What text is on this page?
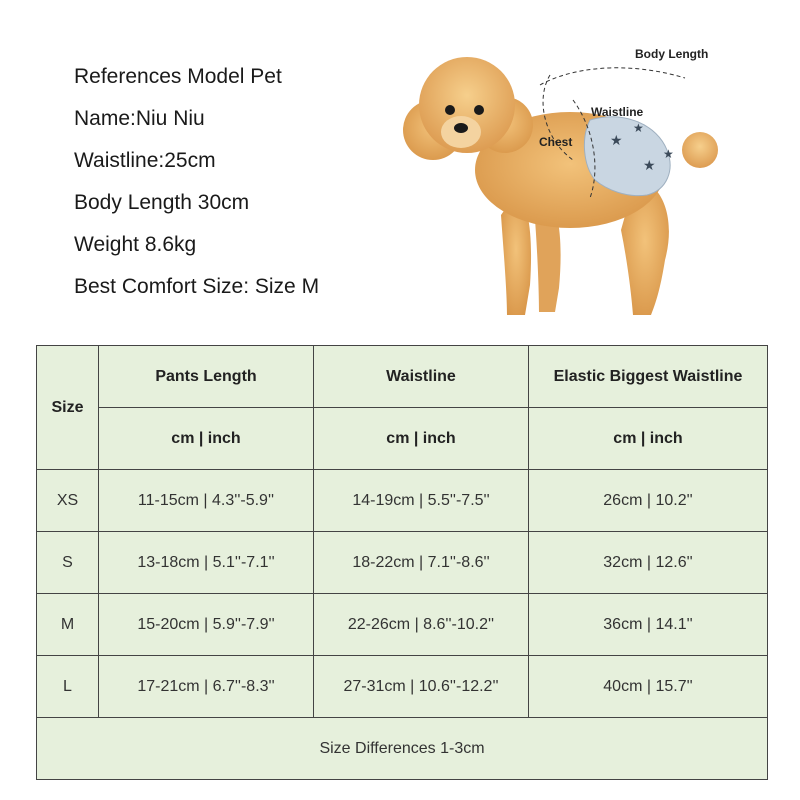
References Model Pet
Name:Niu Niu
Waistline:25cm
Body Length 30cm
Weight 8.6kg
Best Comfort Size: Size M
★
★
★
★
Body Length
Waistline
Chest
Size	Pants Length	Waistline	Elastic Biggest Waistline
	cm | inch	cm | inch	cm | inch
XS	11-15cm | 4.3''-5.9''	14-19cm | 5.5''-7.5''	26cm | 10.2''
S	13-18cm | 5.1''-7.1''	18-22cm | 7.1''-8.6''	32cm | 12.6''
M	15-20cm | 5.9''-7.9''	22-26cm | 8.6''-10.2''	36cm | 14.1''
L	17-21cm | 6.7''-8.3''	27-31cm | 10.6''-12.2''	40cm | 15.7''
Size Differences 1-3cm			
